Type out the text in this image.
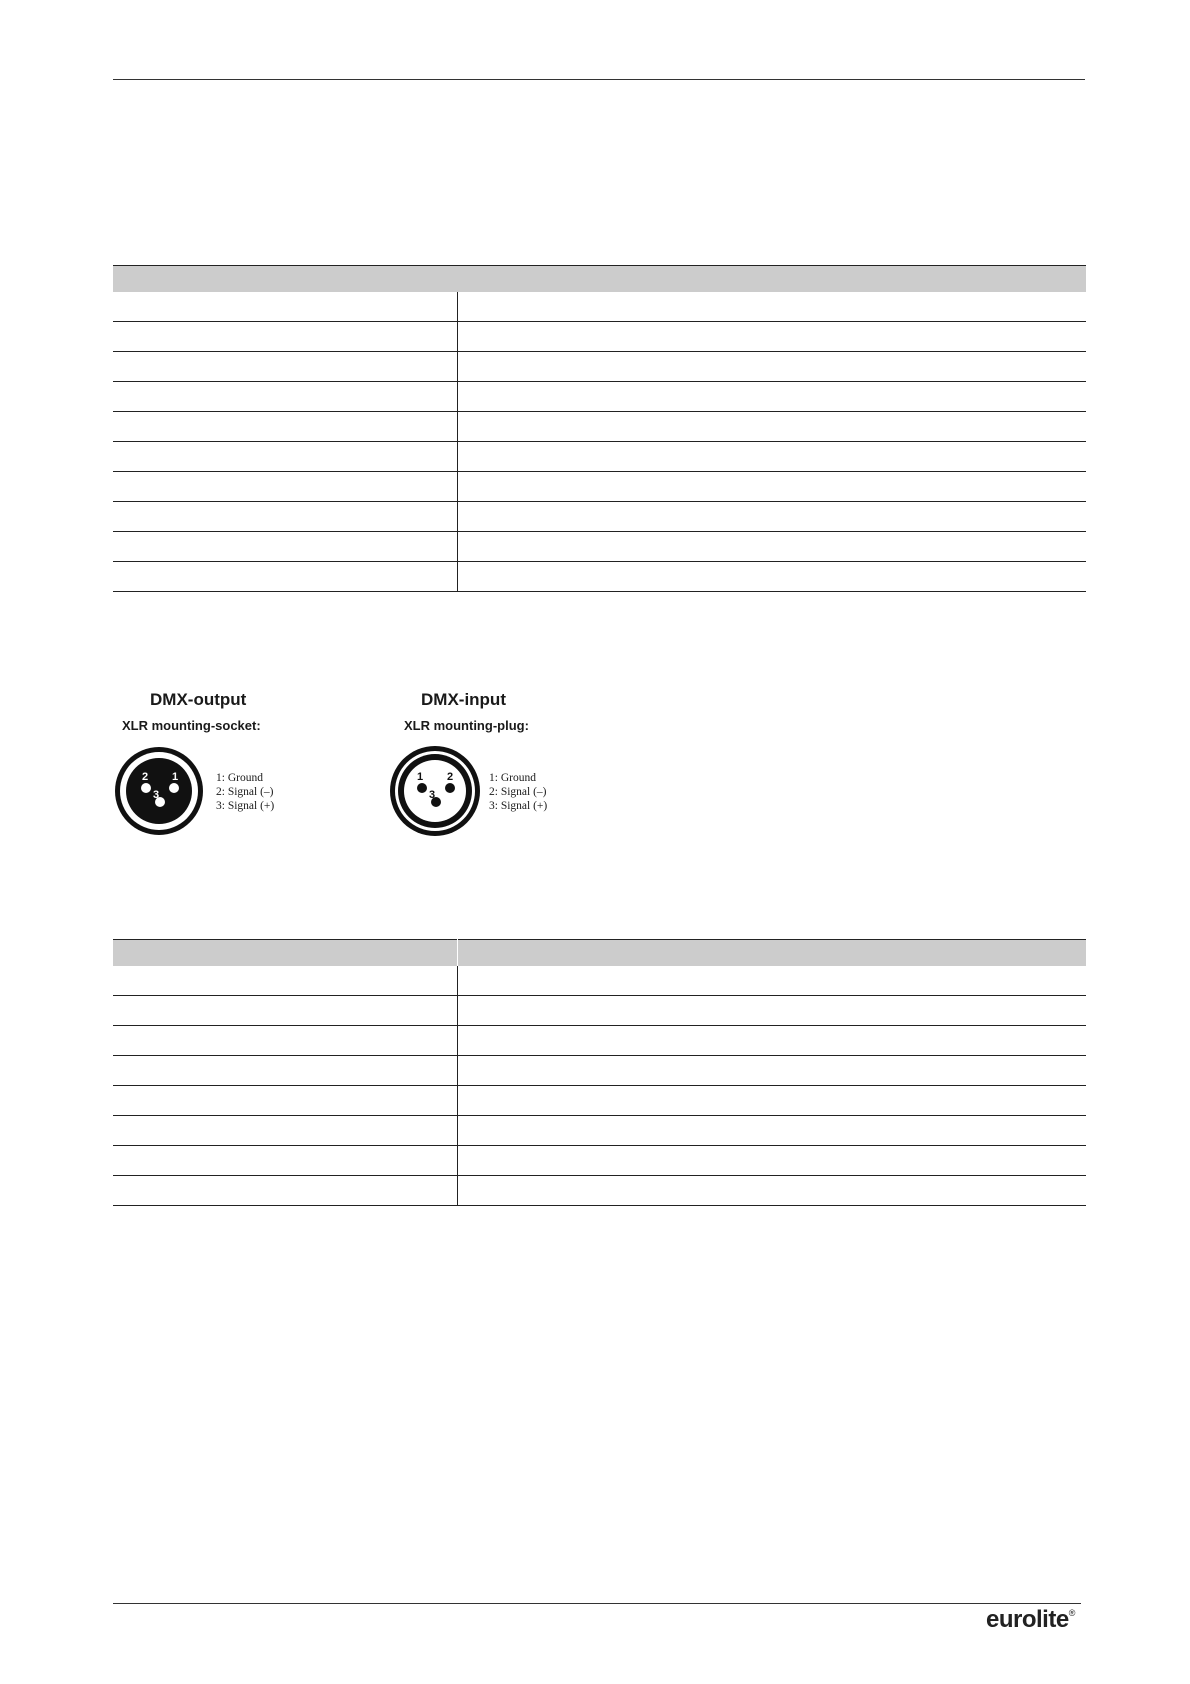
DMX-output
XLR mounting-socket:
2 1
3
1: Ground
2: Signal (–)
3: Signal (+)
DMX-input
XLR mounting-plug:
1 2
3
1: Ground
2: Signal (–)
3: Signal (+)

eurolite®
